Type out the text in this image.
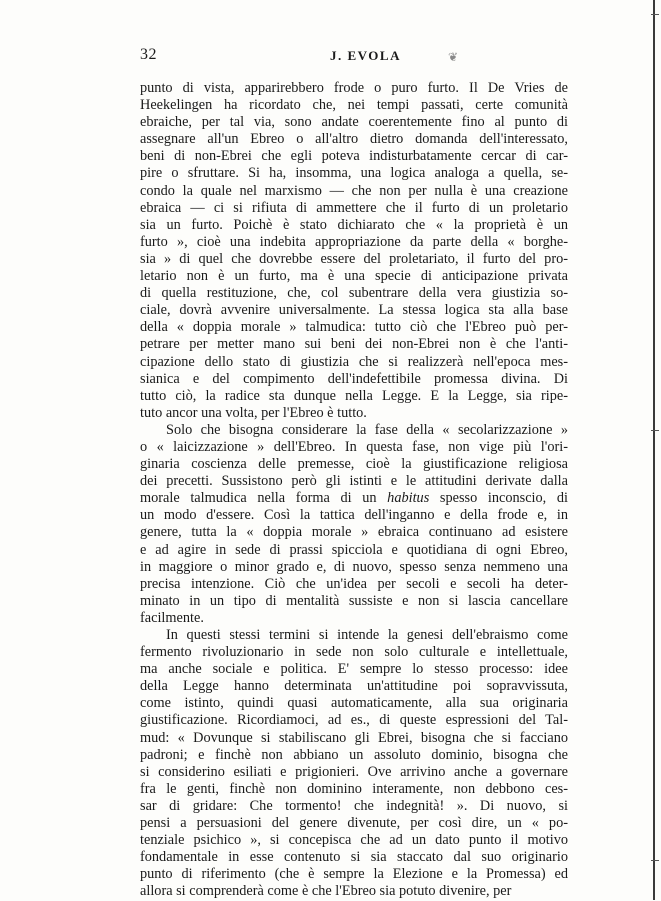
32	J. EVOLA	❦
punto di vista, apparirebbero frode o puro furto. Il De Vries de
Heekelingen ha ricordato che, nei tempi passati, certe comunità
ebraiche, per tal via, sono andate coerentemente fino al punto di
assegnare all'un Ebreo o all'altro dietro domanda dell'interessato,
beni di non-Ebrei che egli poteva indisturbatamente cercar di car-
pire o sfruttare. Si ha, insomma, una logica analoga a quella, se-
condo la quale nel marxismo — che non per nulla è una creazione
ebraica — ci si rifiuta di ammettere che il furto di un proletario
sia un furto. Poichè è stato dichiarato che « la proprietà è un
furto », cioè una indebita appropriazione da parte della « borghe-
sia » di quel che dovrebbe essere del proletariato, il furto del pro-
letario non è un furto, ma è una specie di anticipazione privata
di quella restituzione, che, col subentrare della vera giustizia so-
ciale, dovrà avvenire universalmente. La stessa logica sta alla base
della « doppia morale » talmudica: tutto ciò che l'Ebreo può per-
petrare per metter mano sui beni dei non-Ebrei non è che l'anti-
cipazione dello stato di giustizia che si realizzerà nell'epoca mes-
sianica e del compimento dell'indefettibile promessa divina. Di
tutto ciò, la radice sta dunque nella Legge. E la Legge, sia ripe-
tuto ancor una volta, per l'Ebreo è tutto.
Solo che bisogna considerare la fase della « secolarizzazione »
o « laicizzazione » dell'Ebreo. In questa fase, non vige più l'ori-
ginaria coscienza delle premesse, cioè la giustificazione religiosa
dei precetti. Sussistono però gli istinti e le attitudini derivate dalla
morale talmudica nella forma di un habitus spesso inconscio, di
un modo d'essere. Così la tattica dell'inganno e della frode e, in
genere, tutta la « doppia morale » ebraica continuano ad esistere
e ad agire in sede di prassi spicciola e quotidiana di ogni Ebreo,
in maggiore o minor grado e, di nuovo, spesso senza nemmeno una
precisa intenzione. Ciò che un'idea per secoli e secoli ha deter-
minato in un tipo di mentalità sussiste e non si lascia cancellare
facilmente.
In questi stessi termini si intende la genesi dell'ebraismo come
fermento rivoluzionario in sede non solo culturale e intellettuale,
ma anche sociale e politica. E' sempre lo stesso processo: idee
della Legge hanno determinata un'attitudine poi sopravvissuta,
come istinto, quindi quasi automaticamente, alla sua originaria
giustificazione. Ricordiamoci, ad es., di queste espressioni del Tal-
mud: « Dovunque si stabiliscano gli Ebrei, bisogna che si facciano
padroni; e finchè non abbiano un assoluto dominio, bisogna che
si considerino esiliati e prigionieri. Ove arrivino anche a governare
fra le genti, finchè non dominino interamente, non debbono ces-
sar di gridare: Che tormento! che indegnità! ». Di nuovo, si
pensi a persuasioni del genere divenute, per così dire, un « po-
tenziale psichico », si concepisca che ad un dato punto il motivo
fondamentale in esse contenuto si sia staccato dal suo originario
punto di riferimento (che è sempre la Elezione e la Promessa) ed
allora si comprenderà come è che l'Ebreo sia potuto divenire, per
